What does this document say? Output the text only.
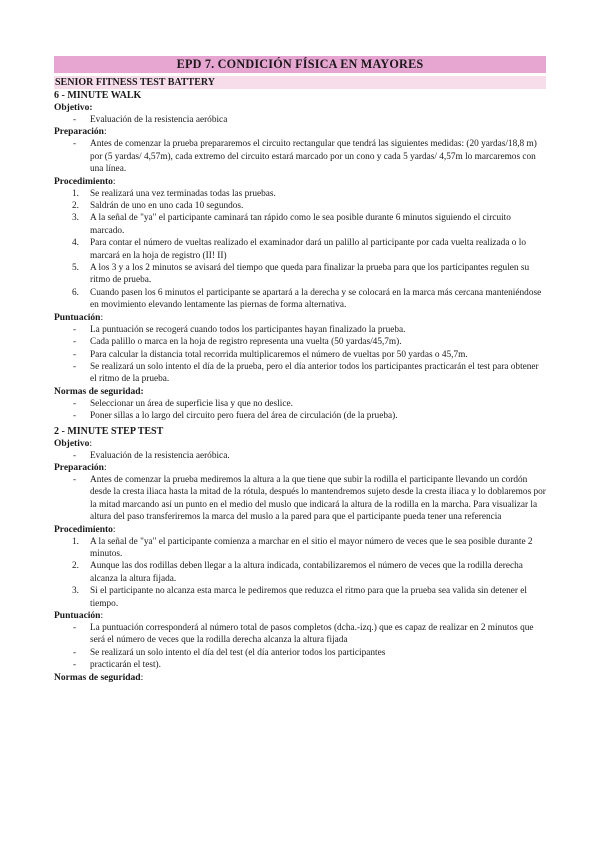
EPD 7. CONDICIÓN FÍSICA EN MAYORES
SENIOR FITNESS TEST BATTERY
6 - MINUTE WALK
Objetivo:
- Evaluación de la resistencia aeróbica
Preparación:
- Antes de comenzar la prueba prepararemos el circuito rectangular que tendrá las siguientes medidas: (20 yardas/18,8 m) por (5 yardas/ 4,57m), cada extremo del circuito estará marcado por un cono y cada 5 yardas/ 4,57m lo marcaremos con una línea.
Procedimiento:
1. Se realizará una vez terminadas todas las pruebas.
2. Saldrán de uno en uno cada 10 segundos.
3. A la señal de "ya" el participante caminará tan rápido como le sea posible durante 6 minutos siguiendo el circuito marcado.
4. Para contar el número de vueltas realizado el examinador dará un palillo al participante por cada vuelta realizada o lo marcará en la hoja de registro (II! II)
5. A los 3 y a los 2 minutos se avisará del tiempo que queda para finalizar la prueba para que los participantes regulen su ritmo de prueba.
6. Cuando pasen los 6 minutos el participante se apartará a la derecha y se colocará en la marca más cercana manteniéndose en movimiento elevando lentamente las piernas de forma alternativa.
Puntuación:
- La puntuación se recogerá cuando todos los participantes hayan finalizado la prueba.
- Cada palillo o marca en la hoja de registro representa una vuelta (50 yardas/45,7m).
- Para calcular la distancia total recorrida multiplicaremos el número de vueltas por 50 yardas o 45,7m.
- Se realizará un solo intento el día de la prueba, pero el día anterior todos los participantes practicarán el test para obtener el ritmo de la prueba.
Normas de seguridad:
- Seleccionar un área de superficie lisa y que no deslice.
- Poner sillas a lo largo del circuito pero fuera del área de circulación (de la prueba).
2 - MINUTE STEP TEST
Objetivo:
- Evaluación de la resistencia aeróbica.
Preparación:
- Antes de comenzar la prueba mediremos la altura a la que tiene que subir la rodilla el participante llevando un cordón desde la cresta iliaca hasta la mitad de la rótula, después lo mantendremos sujeto desde la cresta iliaca y lo doblaremos por la mitad marcando así un punto en el medio del muslo que indicará la altura de la rodilla en la marcha. Para visualizar la altura del paso transferiremos la marca del muslo a la pared para que el participante pueda tener una referencia
Procedimiento:
1. A la señal de "ya" el participante comienza a marchar en el sitio el mayor número de veces que le sea posible durante 2 minutos.
2. Aunque las dos rodillas deben llegar a la altura indicada, contabilizaremos el número de veces que la rodilla derecha alcanza la altura fijada.
3. Si el participante no alcanza esta marca le pediremos que reduzca el ritmo para que la prueba sea valida sin detener el tiempo.
Puntuación:
- La puntuación corresponderá al número total de pasos completos (dcha.-izq.) que es capaz de realizar en 2 minutos que será el número de veces que la rodilla derecha alcanza la altura fijada
- Se realizará un solo intento el día del test (el día anterior todos los participantes
- practicarán el test).
Normas de seguridad:
